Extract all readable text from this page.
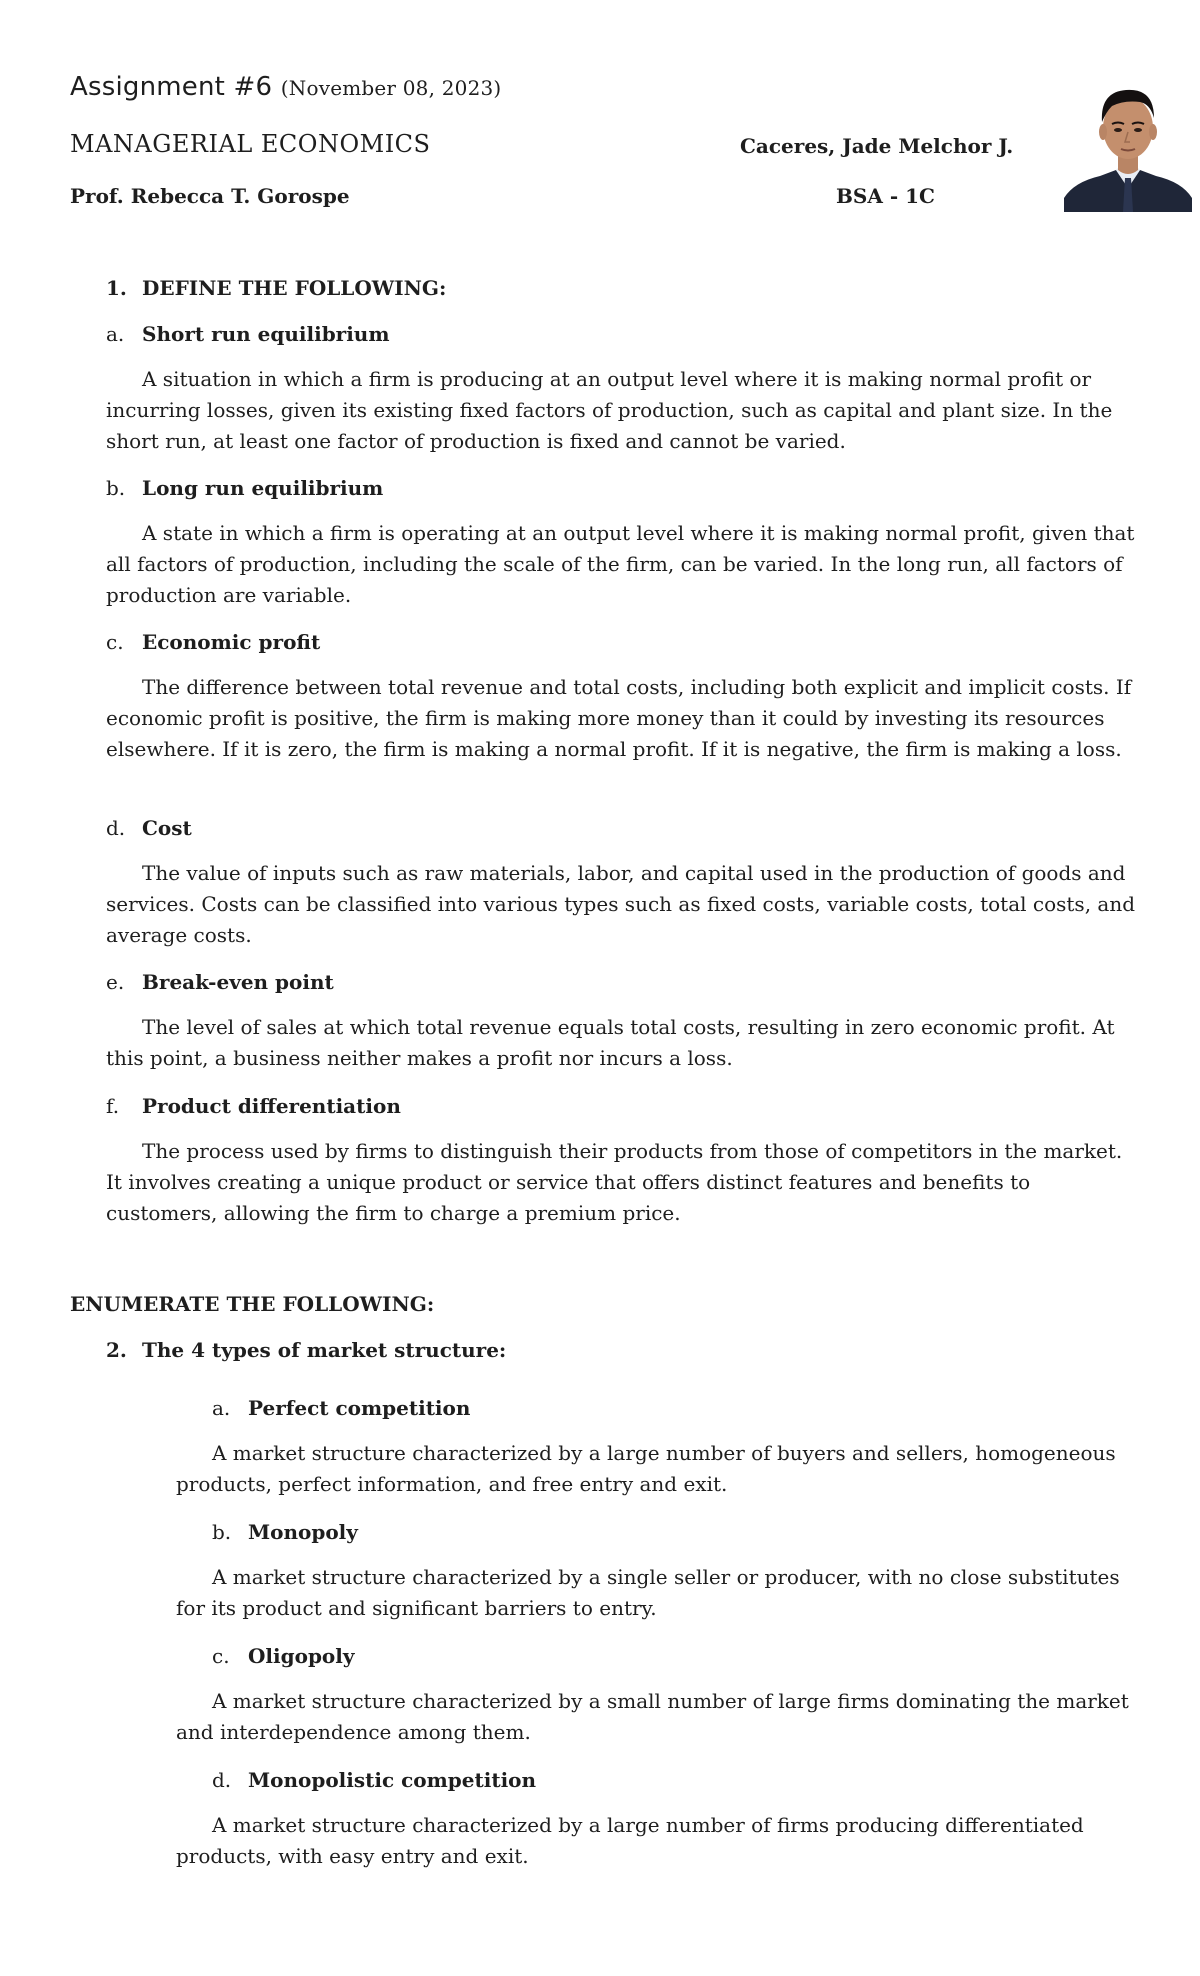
Assignment #6 (November 08, 2023)
MANAGERIAL ECONOMICS
Prof. Rebecca T. Gorospe
Caceres, Jade Melchor J.
BSA - 1C
1. DEFINE THE FOLLOWING:
a. Short run equilibrium
A situation in which a firm is producing at an output level where it is making normal profit or incurring losses, given its existing fixed factors of production, such as capital and plant size. In the short run, at least one factor of production is fixed and cannot be varied.
b. Long run equilibrium
A state in which a firm is operating at an output level where it is making normal profit, given that all factors of production, including the scale of the firm, can be varied. In the long run, all factors of production are variable.
c. Economic profit
The difference between total revenue and total costs, including both explicit and implicit costs. If economic profit is positive, the firm is making more money than it could by investing its resources elsewhere. If it is zero, the firm is making a normal profit. If it is negative, the firm is making a loss.
d. Cost
The value of inputs such as raw materials, labor, and capital used in the production of goods and services. Costs can be classified into various types such as fixed costs, variable costs, total costs, and average costs.
e. Break-even point
The level of sales at which total revenue equals total costs, resulting in zero economic profit. At this point, a business neither makes a profit nor incurs a loss.
f. Product differentiation
The process used by firms to distinguish their products from those of competitors in the market. It involves creating a unique product or service that offers distinct features and benefits to customers, allowing the firm to charge a premium price.
ENUMERATE THE FOLLOWING:
2. The 4 types of market structure:
a. Perfect competition
A market structure characterized by a large number of buyers and sellers, homogeneous products, perfect information, and free entry and exit.
b. Monopoly
A market structure characterized by a single seller or producer, with no close substitutes for its product and significant barriers to entry.
c. Oligopoly
A market structure characterized by a small number of large firms dominating the market and interdependence among them.
d. Monopolistic competition
A market structure characterized by a large number of firms producing differentiated products, with easy entry and exit.
